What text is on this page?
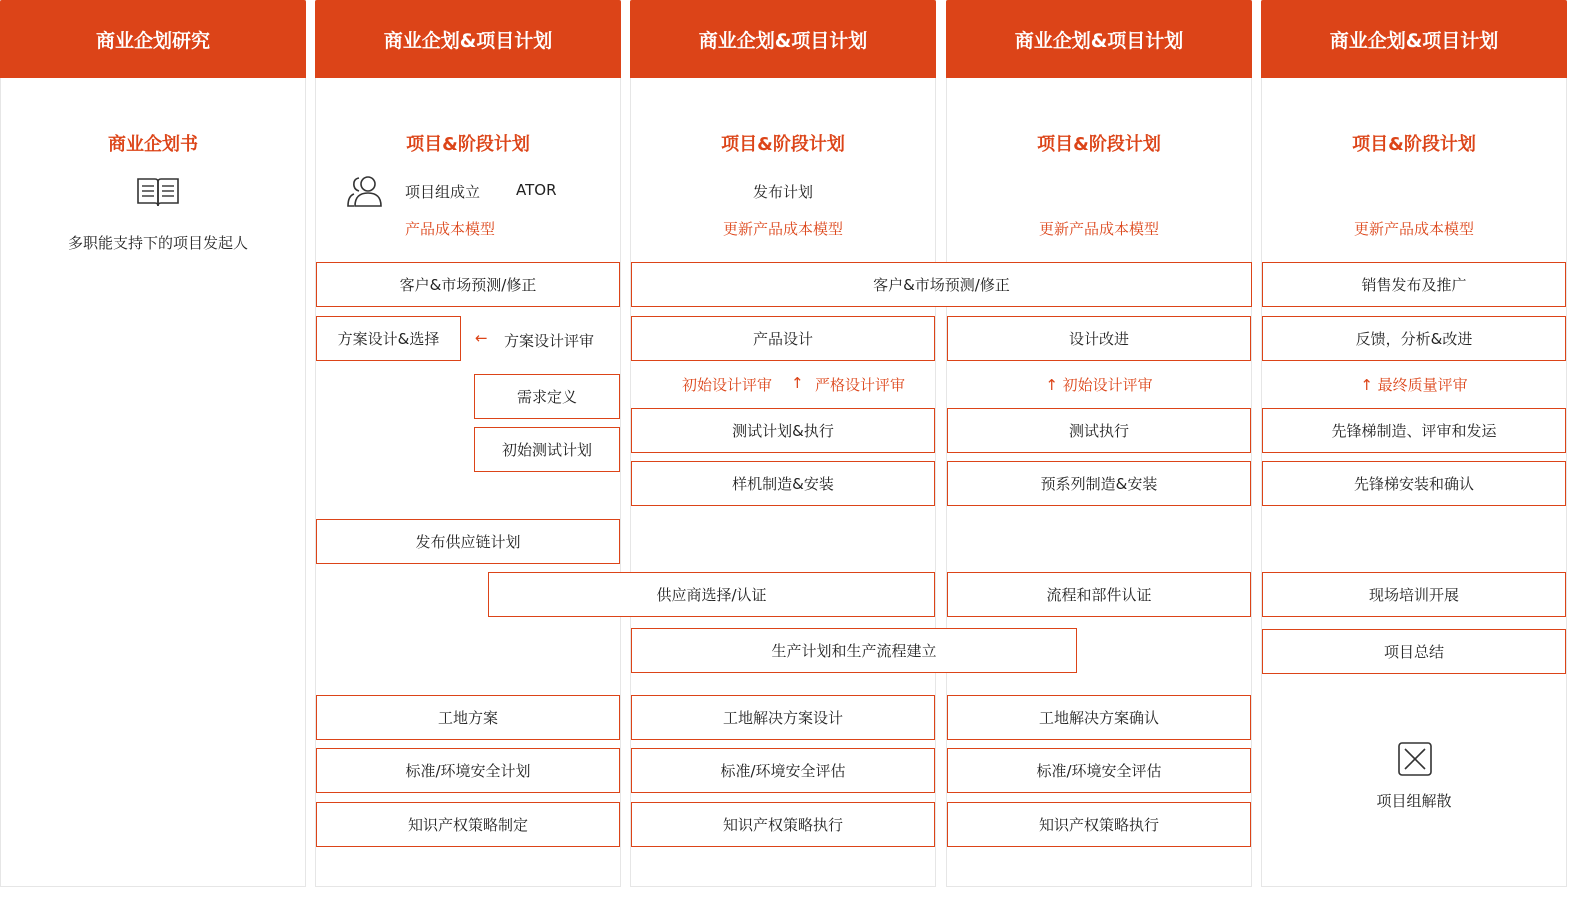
商业企划研究	商业企划&项目计划	商业企划&项目计划	商业企划&项目计划	商业企划&项目计划
商业企划书	项目&阶段计划	项目&阶段计划	项目&阶段计划	项目&阶段计划
多职能支持下的项目发起人
项目组成立 ATOR
产品成本模型
客户&市场预测/修正
方案设计&选择	← 方案设计评审
需求定义
初始测试计划
发布供应链计划
工地方案
标准/环境安全计划
知识产权策略制定
客户&市场预测/修正
供应商选择/认证
生产计划和生产流程建立
发布计划
更新产品成本模型
产品设计
初始设计评审 ↑ 严格设计评审
测试计划&执行
样机制造&安装
工地解决方案设计
标准/环境安全评估
知识产权策略执行
更新产品成本模型
设计改进
↑ 初始设计评审
测试执行
预系列制造&安装
流程和部件认证
工地解决方案确认
标准/环境安全评估
知识产权策略执行
更新产品成本模型
销售发布及推广
反馈，分析&改进
↑ 最终质量评审
先锋梯制造、评审和发运
先锋梯安装和确认
现场培训开展
项目总结
项目组解散
